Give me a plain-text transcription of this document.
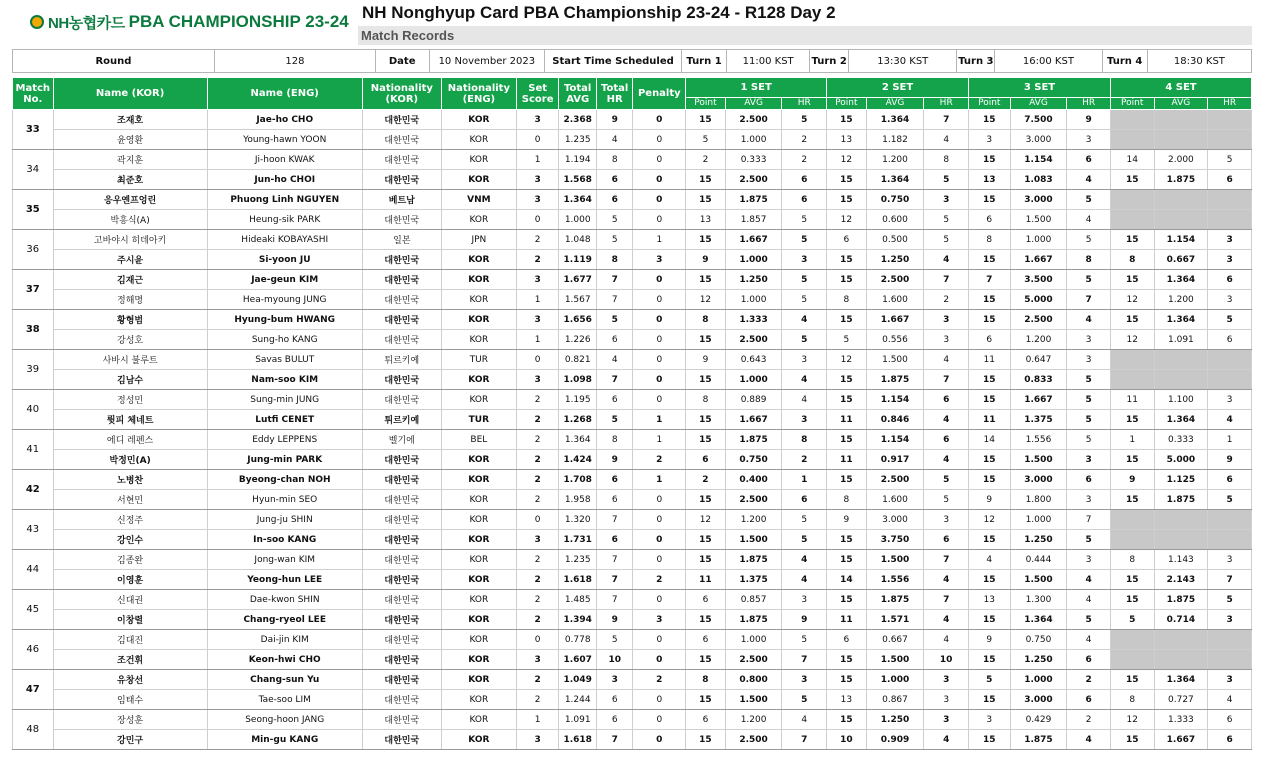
NH농협카드 PBA CHAMPIONSHIP 23-24 NH Nonghyup Card PBA Championship 23-24 - R128 Day 2
Match Records
Round	128	Date	10 November 2023	Start Time Scheduled	Turn 1	11:00 KST	Turn 2	13:30 KST	Turn 3	16:00 KST	Turn 4	18:30 KST
Match No.	Name (KOR)	Name (ENG)	Nationality (KOR)	Nationality (ENG)	Set Score	Total AVG	Total HR	Penalty	1 SET			2 SET			3 SET			4 SET		
									Point	AVG	HR	Point	AVG	HR	Point	AVG	HR	Point	AVG	HR
33	조재호	Jae-ho CHO	대한민국	KOR	3	2.368	9	0	15	2.500	5	15	1.364	7	15	7.500	9			
	윤영환	Young-hawn YOON	대한민국	KOR	0	1.235	4	0	5	1.000	2	13	1.182	4	3	3.000	3			
34	곽지훈	Ji-hoon KWAK	대한민국	KOR	1	1.194	8	0	2	0.333	2	12	1.200	8	15	1.154	6	14	2.000	5
	최준호	Jun-ho CHOI	대한민국	KOR	3	1.568	6	0	15	2.500	6	15	1.364	5	13	1.083	4	15	1.875	6
35	응우옌프엉린	Phuong Linh NGUYEN	베트남	VNM	3	1.364	6	0	15	1.875	6	15	0.750	3	15	3.000	5			
	박흥식(A)	Heung-sik PARK	대한민국	KOR	0	1.000	5	0	13	1.857	5	12	0.600	5	6	1.500	4			
36	고바야시 히데아키	Hideaki KOBAYASHI	일본	JPN	2	1.048	5	1	15	1.667	5	6	0.500	5	8	1.000	5	15	1.154	3
	주시윤	Si-yoon JU	대한민국	KOR	2	1.119	8	3	9	1.000	3	15	1.250	4	15	1.667	8	8	0.667	3
37	김재근	Jae-geun KIM	대한민국	KOR	3	1.677	7	0	15	1.250	5	15	2.500	7	7	3.500	5	15	1.364	6
	정해명	Hea-myoung JUNG	대한민국	KOR	1	1.567	7	0	12	1.000	5	8	1.600	2	15	5.000	7	12	1.200	3
38	황형범	Hyung-bum HWANG	대한민국	KOR	3	1.656	5	0	8	1.333	4	15	1.667	3	15	2.500	4	15	1.364	5
	강성호	Sung-ho KANG	대한민국	KOR	1	1.226	6	0	15	2.500	5	5	0.556	3	6	1.200	3	12	1.091	6
39	사바시 불루트	Savas BULUT	튀르키예	TUR	0	0.821	4	0	9	0.643	3	12	1.500	4	11	0.647	3			
	김남수	Nam-soo KIM	대한민국	KOR	3	1.098	7	0	15	1.000	4	15	1.875	7	15	0.833	5			
40	정성민	Sung-min JUNG	대한민국	KOR	2	1.195	6	0	8	0.889	4	15	1.154	6	15	1.667	5	11	1.100	3
	륏피 체네트	Lutfi CENET	튀르키예	TUR	2	1.268	5	1	15	1.667	3	11	0.846	4	11	1.375	5	15	1.364	4
41	에디 레펜스	Eddy LEPPENS	벨기에	BEL	2	1.364	8	1	15	1.875	8	15	1.154	6	14	1.556	5	1	0.333	1
	박정민(A)	Jung-min PARK	대한민국	KOR	2	1.424	9	2	6	0.750	2	11	0.917	4	15	1.500	3	15	5.000	9
42	노병찬	Byeong-chan NOH	대한민국	KOR	2	1.708	6	1	2	0.400	1	15	2.500	5	15	3.000	6	9	1.125	6
	서현민	Hyun-min SEO	대한민국	KOR	2	1.958	6	0	15	2.500	6	8	1.600	5	9	1.800	3	15	1.875	5
43	신정주	Jung-ju SHIN	대한민국	KOR	0	1.320	7	0	12	1.200	5	9	3.000	3	12	1.000	7			
	강인수	In-soo KANG	대한민국	KOR	3	1.731	6	0	15	1.500	5	15	3.750	6	15	1.250	5			
44	김종완	Jong-wan KIM	대한민국	KOR	2	1.235	7	0	15	1.875	4	15	1.500	7	4	0.444	3	8	1.143	3
	이영훈	Yeong-hun LEE	대한민국	KOR	2	1.618	7	2	11	1.375	4	14	1.556	4	15	1.500	4	15	2.143	7
45	신대권	Dae-kwon SHIN	대한민국	KOR	2	1.485	7	0	6	0.857	3	15	1.875	7	13	1.300	4	15	1.875	5
	이창렬	Chang-ryeol LEE	대한민국	KOR	2	1.394	9	3	15	1.875	9	11	1.571	4	15	1.364	5	5	0.714	3
46	김대진	Dai-jin KIM	대한민국	KOR	0	0.778	5	0	6	1.000	5	6	0.667	4	9	0.750	4			
	조건휘	Keon-hwi CHO	대한민국	KOR	3	1.607	10	0	15	2.500	7	15	1.500	10	15	1.250	6			
47	유창선	Chang-sun Yu	대한민국	KOR	2	1.049	3	2	8	0.800	3	15	1.000	3	5	1.000	2	15	1.364	3
	임태수	Tae-soo LIM	대한민국	KOR	2	1.244	6	0	15	1.500	5	13	0.867	3	15	3.000	6	8	0.727	4
48	장성훈	Seong-hoon JANG	대한민국	KOR	1	1.091	6	0	6	1.200	4	15	1.250	3	3	0.429	2	12	1.333	6
	강민구	Min-gu KANG	대한민국	KOR	3	1.618	7	0	15	2.500	7	10	0.909	4	15	1.875	4	15	1.667	6
